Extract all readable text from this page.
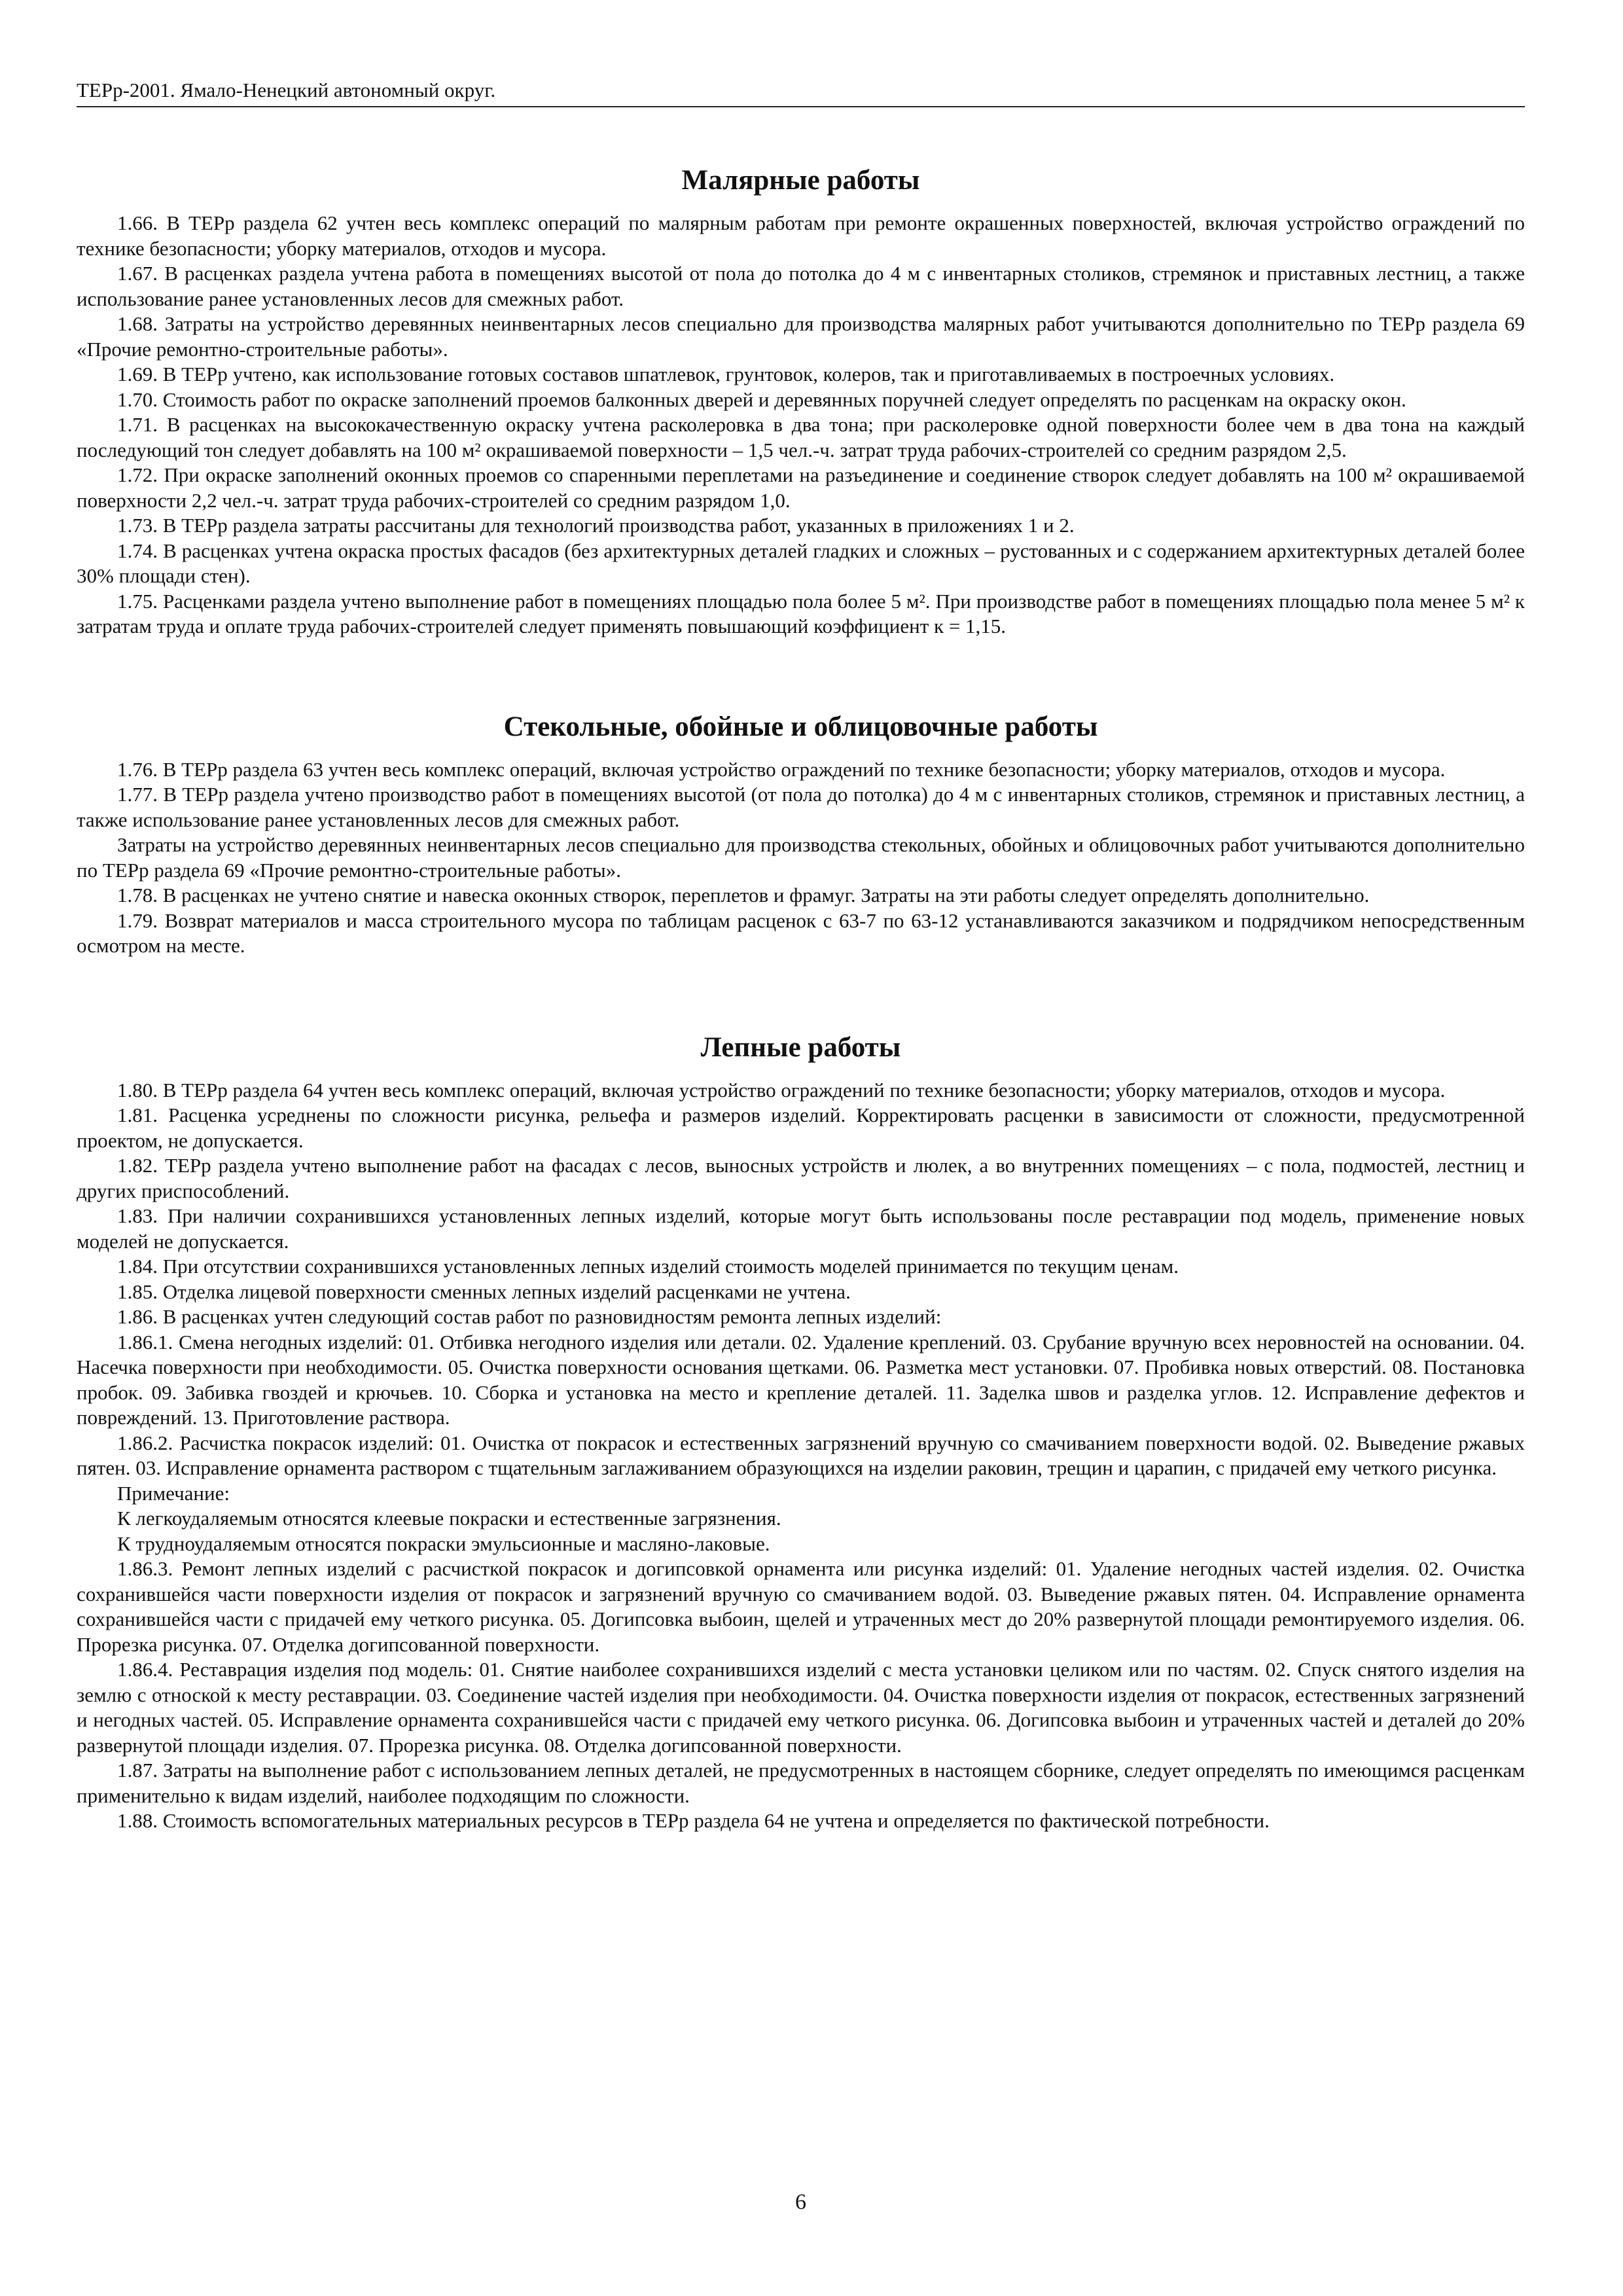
ТЕРр-2001. Ямало-Ненецкий автономный округ.
Малярные работы

1.66. В ТЕРр раздела 62 учтен весь комплекс операций по малярным работам при ремонте окрашенных поверхностей, включая устройство ограждений по технике безопасности; уборку материалов, отходов и мусора.

1.67. В расценках раздела учтена работа в помещениях высотой от пола до потолка до 4 м с инвентарных столиков, стремянок и приставных лестниц, а также использование ранее установленных лесов для смежных работ.

1.68. Затраты на устройство деревянных неинвентарных лесов специально для производства малярных работ учитываются дополнительно по ТЕРр раздела 69 «Прочие ремонтно-строительные работы».

1.69. В ТЕРр учтено, как использование готовых составов шпатлевок, грунтовок, колеров, так и приготавливаемых в построечных условиях.

1.70. Стоимость работ по окраске заполнений проемов балконных дверей и деревянных поручней следует определять по расценкам на окраску окон.

1.71. В расценках на высококачественную окраску учтена расколеровка в два тона; при расколеровке одной поверхности более чем в два тона на каждый последующий тон следует добавлять на 100 м² окрашиваемой поверхности – 1,5 чел.-ч. затрат труда рабочих-строителей со средним разрядом 2,5.

1.72. При окраске заполнений оконных проемов со спаренными переплетами на разъединение и соединение створок следует добавлять на 100 м² окрашиваемой поверхности 2,2 чел.-ч. затрат труда рабочих-строителей со средним разрядом 1,0.

1.73. В ТЕРр раздела затраты рассчитаны для технологий производства работ, указанных в приложениях 1 и 2.

1.74. В расценках учтена окраска простых фасадов (без архитектурных деталей гладких и сложных – рустованных и с содержанием архитектурных деталей более 30% площади стен).

1.75. Расценками раздела учтено выполнение работ в помещениях площадью пола более 5 м². При производстве работ в помещениях площадью пола менее 5 м² к затратам труда и оплате труда рабочих-строителей следует применять повышающий коэффициент к = 1,15.

Стекольные, обойные и облицовочные работы

1.76. В ТЕРр раздела 63 учтен весь комплекс операций, включая устройство ограждений по технике безопасности; уборку материалов, отходов и мусора.

1.77. В ТЕРр раздела учтено производство работ в помещениях высотой (от пола до потолка) до 4 м с инвентарных столиков, стремянок и приставных лестниц, а также использование ранее установленных лесов для смежных работ.

Затраты на устройство деревянных неинвентарных лесов специально для производства стекольных, обойных и облицовочных работ учитываются дополнительно по ТЕРр раздела 69 «Прочие ремонтно-строительные работы».

1.78. В расценках не учтено снятие и навеска оконных створок, переплетов и фрамуг. Затраты на эти работы следует определять дополнительно.

1.79. Возврат материалов и масса строительного мусора по таблицам расценок с 63-7 по 63-12 устанавливаются заказчиком и подрядчиком непосредственным осмотром на месте.

Лепные работы

1.80. В ТЕРр раздела 64 учтен весь комплекс операций, включая устройство ограждений по технике безопасности; уборку материалов, отходов и мусора.

1.81. Расценка усреднены по сложности рисунка, рельефа и размеров изделий. Корректировать расценки в зависимости от сложности, предусмотренной проектом, не допускается.

1.82. ТЕРр раздела учтено выполнение работ на фасадах с лесов, выносных устройств и люлек, а во внутренних помещениях – с пола, подмостей, лестниц и других приспособлений.

1.83. При наличии сохранившихся установленных лепных изделий, которые могут быть использованы после реставрации под модель, применение новых моделей не допускается.

1.84. При отсутствии сохранившихся установленных лепных изделий стоимость моделей принимается по текущим ценам.

1.85. Отделка лицевой поверхности сменных лепных изделий расценками не учтена.

1.86. В расценках учтен следующий состав работ по разновидностям ремонта лепных изделий:

1.86.1. Смена негодных изделий: 01. Отбивка негодного изделия или детали. 02. Удаление креплений. 03. Срубание вручную всех неровностей на основании. 04. Насечка поверхности при необходимости. 05. Очистка поверхности основания щетками. 06. Разметка мест установки. 07. Пробивка новых отверстий. 08. Постановка пробок. 09. Забивка гвоздей и крючьев. 10. Сборка и установка на место и крепление деталей. 11. Заделка швов и разделка углов. 12. Исправление дефектов и повреждений. 13. Приготовление раствора.

1.86.2. Расчистка покрасок изделий: 01. Очистка от покрасок и естественных загрязнений вручную со смачиванием поверхности водой. 02. Выведение ржавых пятен. 03. Исправление орнамента раствором с тщательным заглаживанием образующихся на изделии раковин, трещин и царапин, с придачей ему четкого рисунка.

Примечание:

К легкоудаляемым относятся клеевые покраски и естественные загрязнения.

К трудноудаляемым относятся покраски эмульсионные и масляно-лаковые.

1.86.3. Ремонт лепных изделий с расчисткой покрасок и догипсовкой орнамента или рисунка изделий: 01. Удаление негодных частей изделия. 02. Очистка сохранившейся части поверхности изделия от покрасок и загрязнений вручную со смачиванием водой. 03. Выведение ржавых пятен. 04. Исправление орнамента сохранившейся части с придачей ему четкого рисунка. 05. Догипсовка выбоин, щелей и утраченных мест до 20% развернутой площади ремонтируемого изделия. 06. Прорезка рисунка. 07. Отделка догипсованной поверхности.

1.86.4. Реставрация изделия под модель: 01. Снятие наиболее сохранившихся изделий с места установки целиком или по частям. 02. Спуск снятого изделия на землю с отноской к месту реставрации. 03. Соединение частей изделия при необходимости. 04. Очистка поверхности изделия от покрасок, естественных загрязнений и негодных частей. 05. Исправление орнамента сохранившейся части с придачей ему четкого рисунка. 06. Догипсовка выбоин и утраченных частей и деталей до 20% развернутой площади изделия. 07. Прорезка рисунка. 08. Отделка догипсованной поверхности.

1.87. Затраты на выполнение работ с использованием лепных деталей, не предусмотренных в настоящем сборнике, следует определять по имеющимся расценкам применительно к видам изделий, наиболее подходящим по сложности.

1.88. Стоимость вспомогательных материальных ресурсов в ТЕРр раздела 64 не учтена и определяется по фактической потребности.

6
